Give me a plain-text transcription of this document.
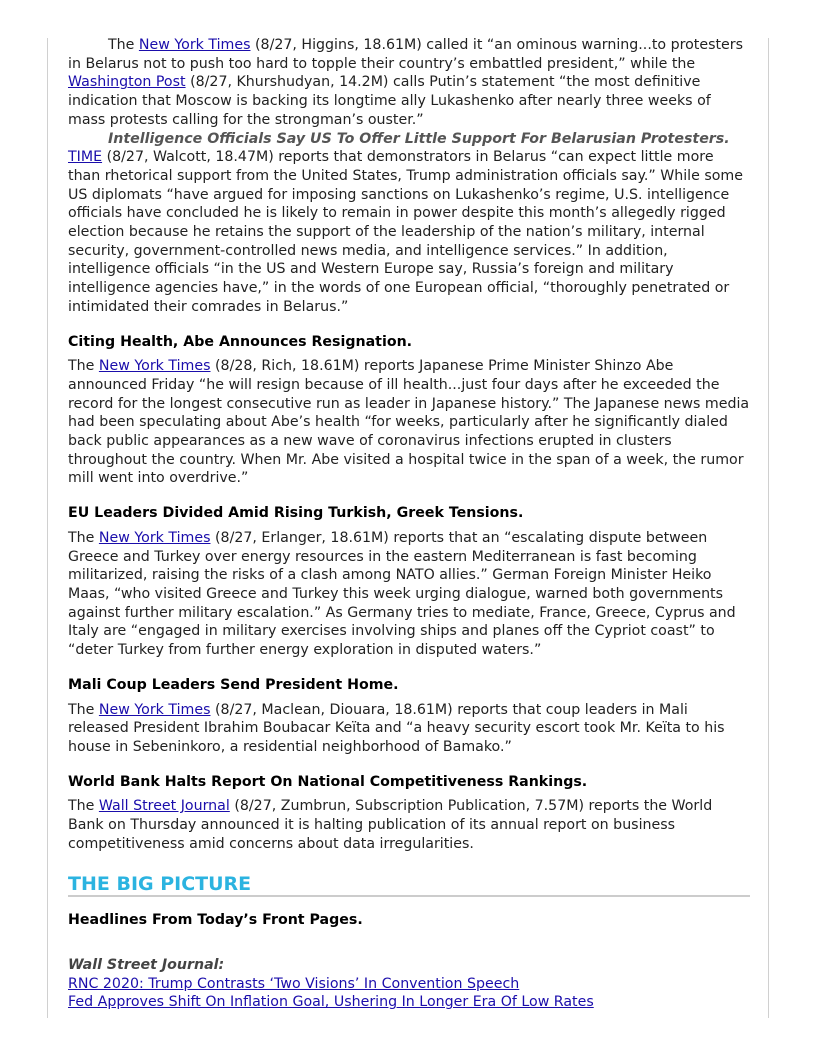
The New York Times (8/27, Higgins, 18.61M) called it “an ominous warning...to protesters in Belarus not to push too hard to topple their country’s embattled president,” while the Washington Post (8/27, Khurshudyan, 14.2M) calls Putin’s statement “the most definitive indication that Moscow is backing its longtime ally Lukashenko after nearly three weeks of mass protests calling for the strongman’s ouster.”

Intelligence Officials Say US To Offer Little Support For Belarusian Protesters.

TIME (8/27, Walcott, 18.47M) reports that demonstrators in Belarus “can expect little more than rhetorical support from the United States, Trump administration officials say.” While some US diplomats “have argued for imposing sanctions on Lukashenko’s regime, U.S. intelligence officials have concluded he is likely to remain in power despite this month’s allegedly rigged election because he retains the support of the leadership of the nation’s military, internal security, government-controlled news media, and intelligence services.” In addition, intelligence officials “in the US and Western Europe say, Russia’s foreign and military intelligence agencies have,” in the words of one European official, “thoroughly penetrated or intimidated their comrades in Belarus.”

Citing Health, Abe Announces Resignation.

The New York Times (8/28, Rich, 18.61M) reports Japanese Prime Minister Shinzo Abe announced Friday “he will resign because of ill health...just four days after he exceeded the record for the longest consecutive run as leader in Japanese history.” The Japanese news media had been speculating about Abe’s health “for weeks, particularly after he significantly dialed back public appearances as a new wave of coronavirus infections erupted in clusters throughout the country. When Mr. Abe visited a hospital twice in the span of a week, the rumor mill went into overdrive.”

EU Leaders Divided Amid Rising Turkish, Greek Tensions.

The New York Times (8/27, Erlanger, 18.61M) reports that an “escalating dispute between Greece and Turkey over energy resources in the eastern Mediterranean is fast becoming militarized, raising the risks of a clash among NATO allies.” German Foreign Minister Heiko Maas, “who visited Greece and Turkey this week urging dialogue, warned both governments against further military escalation.” As Germany tries to mediate, France, Greece, Cyprus and Italy are “engaged in military exercises involving ships and planes off the Cypriot coast” to “deter Turkey from further energy exploration in disputed waters.”

Mali Coup Leaders Send President Home.

The New York Times (8/27, Maclean, Diouara, 18.61M) reports that coup leaders in Mali released President Ibrahim Boubacar Keïta and “a heavy security escort took Mr. Keïta to his house in Sebeninkoro, a residential neighborhood of Bamako.”

World Bank Halts Report On National Competitiveness Rankings.

The Wall Street Journal (8/27, Zumbrun, Subscription Publication, 7.57M) reports the World Bank on Thursday announced it is halting publication of its annual report on business competitiveness amid concerns about data irregularities.

THE BIG PICTURE

Headlines From Today’s Front Pages.

Wall Street Journal:

RNC 2020: Trump Contrasts ‘Two Visions’ In Convention Speech
Fed Approves Shift On Inflation Goal, Ushering In Longer Era Of Low Rates
